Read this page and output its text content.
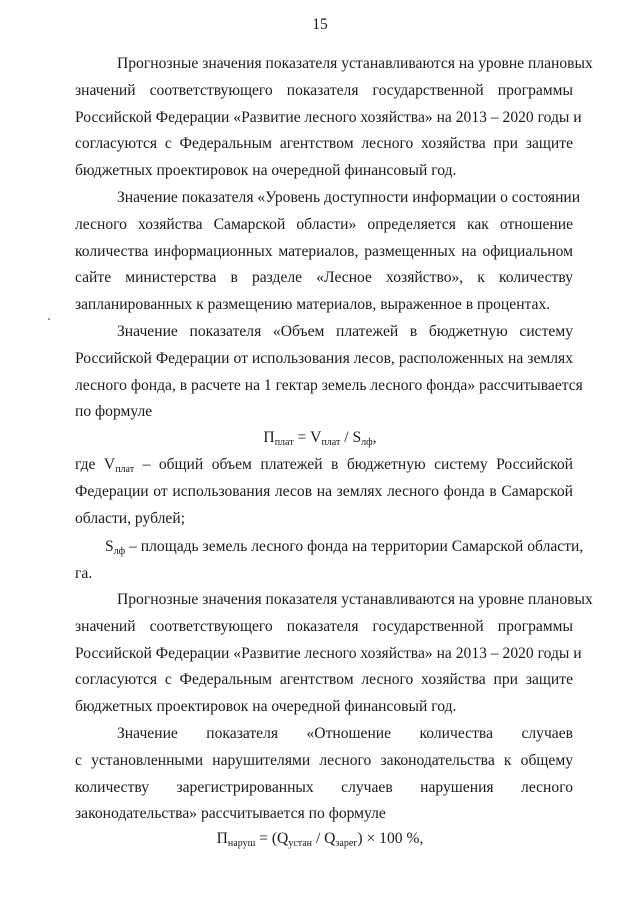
15
Прогнозные значения показателя устанавливаются на уровне плановых
значений соответствующего показателя государственной программы
Российской Федерации «Развитие лесного хозяйства» на 2013 – 2020 годы и
согласуются с Федеральным агентством лесного хозяйства при защите
бюджетных проектировок на очередной финансовый год.
Значение показателя «Уровень доступности информации о состоянии
лесного хозяйства Самарской области» определяется как отношение
количества информационных материалов, размещенных на официальном
сайте министерства в разделе «Лесное хозяйство», к количеству
запланированных к размещению материалов, выраженное в процентах.
Значение показателя «Объем платежей в бюджетную систему
Российской Федерации от использования лесов, расположенных на землях
лесного фонда, в расчете на 1 гектар земель лесного фонда» рассчитывается
по формуле
$П_{плат} = V_{плат} / S_{лф}$,
где $V_{плат}$ – общий объем платежей в бюджетную систему Российской
Федерации от использования лесов на землях лесного фонда в Самарской
области, рублей;
$S_{лф}$ – площадь земель лесного фонда на территории Самарской области,
га.
Прогнозные значения показателя устанавливаются на уровне плановых
значений соответствующего показателя государственной программы
Российской Федерации «Развитие лесного хозяйства» на 2013 – 2020 годы и
согласуются с Федеральным агентством лесного хозяйства при защите
бюджетных проектировок на очередной финансовый год.
Значение показателя «Отношение количества случаев
с установленными нарушителями лесного законодательства к общему
количеству зарегистрированных случаев нарушения лесного
законодательства» рассчитывается по формуле
$П_{наруш} = (Q_{устан} / Q_{зарег}) \times 100$ %,
